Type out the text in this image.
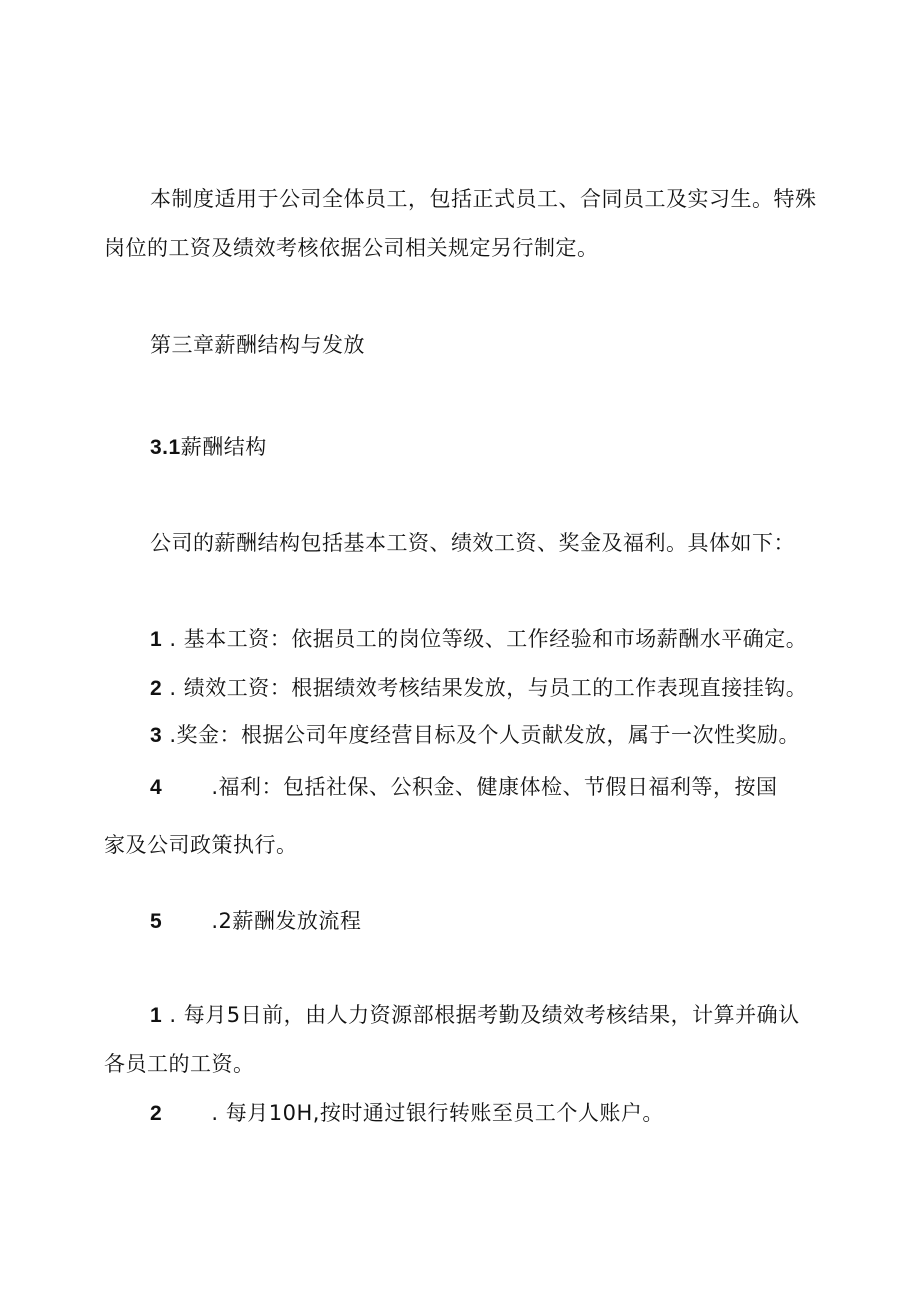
本制度适用于公司全体员工，包括正式员工、合同员工及实习生。特殊
岗位的工资及绩效考核依据公司相关规定另行制定。
第三章薪酬结构与发放
3.1薪酬结构
公司的薪酬结构包括基本工资、绩效工资、奖金及福利。具体如下：
1 . 基本工资：依据员工的岗位等级、工作经验和市场薪酬水平确定。
2 . 绩效工资：根据绩效考核结果发放，与员工的工作表现直接挂钩。
3 .奖金：根据公司年度经营目标及个人贡献发放，属于一次性奖励。
4 .福利：包括社保、公积金、健康体检、节假日福利等，按国
家及公司政策执行。
5 .2薪酬发放流程
1 . 每月5日前，由人力资源部根据考勤及绩效考核结果，计算并确认
各员工的工资。
2 . 每月10H,按时通过银行转账至员工个人账户。
